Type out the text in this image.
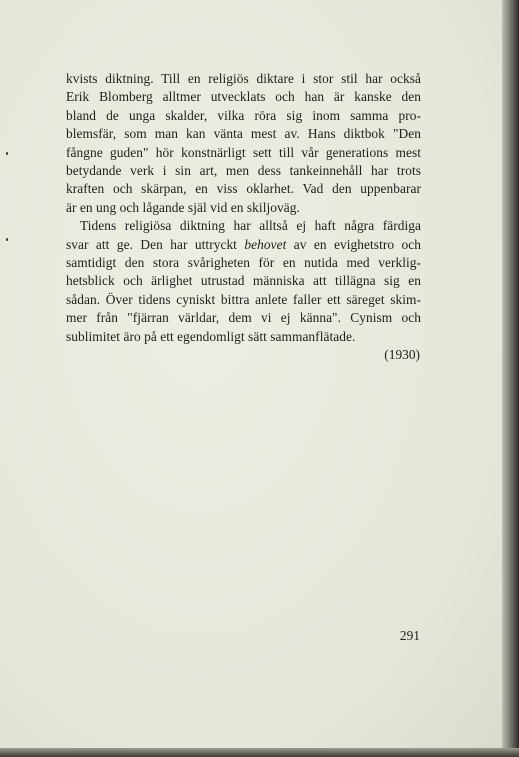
kvists diktning. Till en religiös diktare i stor stil har också
Erik Blomberg alltmer utvecklats och han är kanske den
bland de unga skalder, vilka röra sig inom samma pro-
blemsfär, som man kan vänta mest av. Hans diktbok "Den
fångne guden" hör konstnärligt sett till vår generations mest
betydande verk i sin art, men dess tankeinnehåll har trots
kraften och skärpan, en viss oklarhet. Vad den uppenbarar
är en ung och lågande själ vid en skiljoväg.
Tidens religiösa diktning har alltså ej haft några färdiga
svar att ge. Den har uttryckt behovet av en evighetstro och
samtidigt den stora svårigheten för en nutida med verklig-
hetsblick och ärlighet utrustad människa att tillägna sig en
sådan. Över tidens cyniskt bittra anlete faller ett säreget skim-
mer från "fjärran världar, dem vi ej känna". Cynism och
sublimitet äro på ett egendomligt sätt sammanflätade.
(1930)
291
